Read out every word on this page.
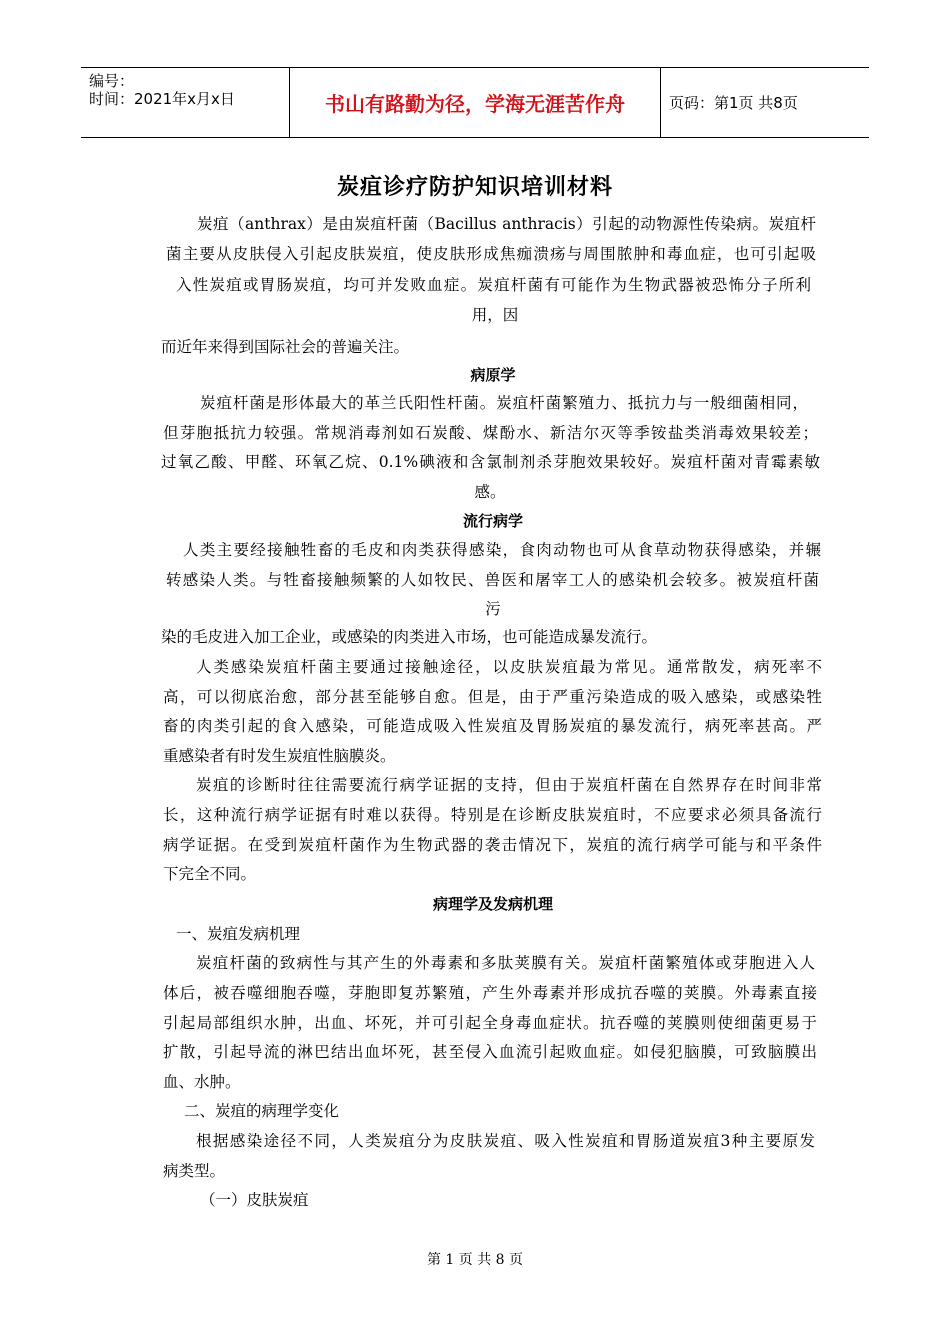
编号：
时间：2021年x月x日	书山有路勤为径，学海无涯苦作舟	页码：第1页 共8页
炭疽诊疗防护知识培训材料
炭疽（anthrax）是由炭疽杆菌（Bacillus anthracis）引起的动物源性传染病。炭疽杆
菌主要从皮肤侵入引起皮肤炭疽，使皮肤形成焦痂溃疡与周围脓肿和毒血症，也可引起吸
入性炭疽或胃肠炭疽，均可并发败血症。炭疽杆菌有可能作为生物武器被恐怖分子所利
用，因
而近年来得到国际社会的普遍关注。
病原学
炭疽杆菌是形体最大的革兰氏阳性杆菌。炭疽杆菌繁殖力、抵抗力与一般细菌相同，
但芽胞抵抗力较强。常规消毒剂如石炭酸、煤酚水、新洁尔灭等季铵盐类消毒效果较差；
过氧乙酸、甲醛、环氧乙烷、0.1%碘液和含氯制剂杀芽胞效果较好。炭疽杆菌对青霉素敏
感。
流行病学
人类主要经接触牲畜的毛皮和肉类获得感染，食肉动物也可从食草动物获得感染，并辗
转感染人类。与牲畜接触频繁的人如牧民、兽医和屠宰工人的感染机会较多。被炭疽杆菌
污
染的毛皮进入加工企业，或感染的肉类进入市场，也可能造成暴发流行。
人类感染炭疽杆菌主要通过接触途径，以皮肤炭疽最为常见。通常散发，病死率不
高，可以彻底治愈，部分甚至能够自愈。但是，由于严重污染造成的吸入感染，或感染牲
畜的肉类引起的食入感染，可能造成吸入性炭疽及胃肠炭疽的暴发流行，病死率甚高。严
重感染者有时发生炭疽性脑膜炎。
炭疽的诊断时往往需要流行病学证据的支持，但由于炭疽杆菌在自然界存在时间非常
长，这种流行病学证据有时难以获得。特别是在诊断皮肤炭疽时，不应要求必须具备流行
病学证据。在受到炭疽杆菌作为生物武器的袭击情况下，炭疽的流行病学可能与和平条件
下完全不同。
病理学及发病机理
一、炭疽发病机理
炭疽杆菌的致病性与其产生的外毒素和多肽荚膜有关。炭疽杆菌繁殖体或芽胞进入人
体后，被吞噬细胞吞噬，芽胞即复苏繁殖，产生外毒素并形成抗吞噬的荚膜。外毒素直接
引起局部组织水肿，出血、坏死，并可引起全身毒血症状。抗吞噬的荚膜则使细菌更易于
扩散，引起导流的淋巴结出血坏死，甚至侵入血流引起败血症。如侵犯脑膜，可致脑膜出
血、水肿。
二、炭疽的病理学变化
根据感染途径不同，人类炭疽分为皮肤炭疽、吸入性炭疽和胃肠道炭疽3种主要原发
病类型。
（一）皮肤炭疽
第 1 页 共 8 页
